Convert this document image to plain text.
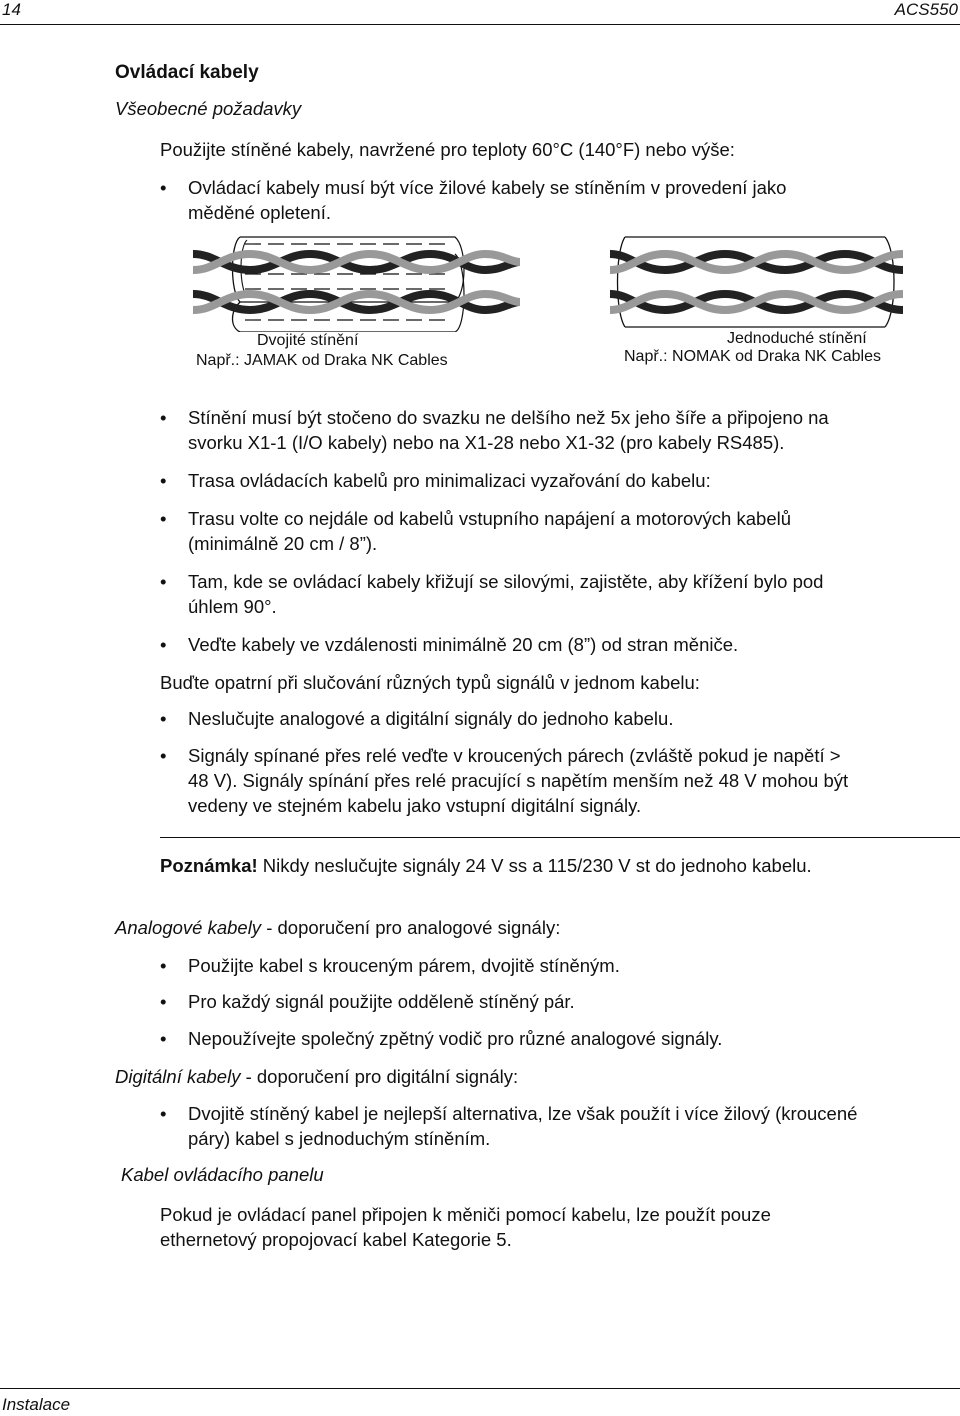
14	ACS550
Ovládací kabely
Všeobecné požadavky
Použijte stíněné kabely, navržené pro teploty 60°C (140°F) nebo výše:
• Ovládací kabely musí být více žilové kabely se stíněním v provedení jako
měděné opletení.
Dvojité stínění
Např.: JAMAK od Draka NK Cables
Jednoduché stínění
Např.: NOMAK od Draka NK Cables
• Stínění musí být stočeno do svazku ne delšího než 5x jeho šíře a připojeno na
svorku X1-1 (I/O kabely) nebo na X1-28 nebo X1-32 (pro kabely RS485).
• Trasa ovládacích kabelů pro minimalizaci vyzařování do kabelu:
• Trasu volte co nejdále od kabelů vstupního napájení a motorových kabelů
(minimálně 20 cm / 8”).
• Tam, kde se ovládací kabely křižují se silovými, zajistěte, aby křížení bylo pod
úhlem 90°.
• Veďte kabely ve vzdálenosti minimálně 20 cm (8”) od stran měniče.
Buďte opatrní při slučování různých typů signálů v jednom kabelu:
• Neslučujte analogové a digitální signály do jednoho kabelu.
• Signály spínané přes relé veďte v kroucených párech (zvláště pokud je napětí >
48 V). Signály spínání přes relé pracující s napětím menším než 48 V mohou být
vedeny ve stejném kabelu jako vstupní digitální signály.
Poznámka! Nikdy neslučujte signály 24 V ss a 115/230 V st do jednoho kabelu.
Analogové kabely - doporučení pro analogové signály:
• Použijte kabel s krouceným párem, dvojitě stíněným.
• Pro každý signál použijte odděleně stíněný pár.
• Nepoužívejte společný zpětný vodič pro různé analogové signály.
Digitální kabely - doporučení pro digitální signály:
• Dvojitě stíněný kabel je nejlepší alternativa, lze však použít i více žilový (kroucené
páry) kabel s jednoduchým stíněním.
Kabel ovládacího panelu
Pokud je ovládací panel připojen k měniči pomocí kabelu, lze použít pouze
ethernetový propojovací kabel Kategorie 5.
Instalace
